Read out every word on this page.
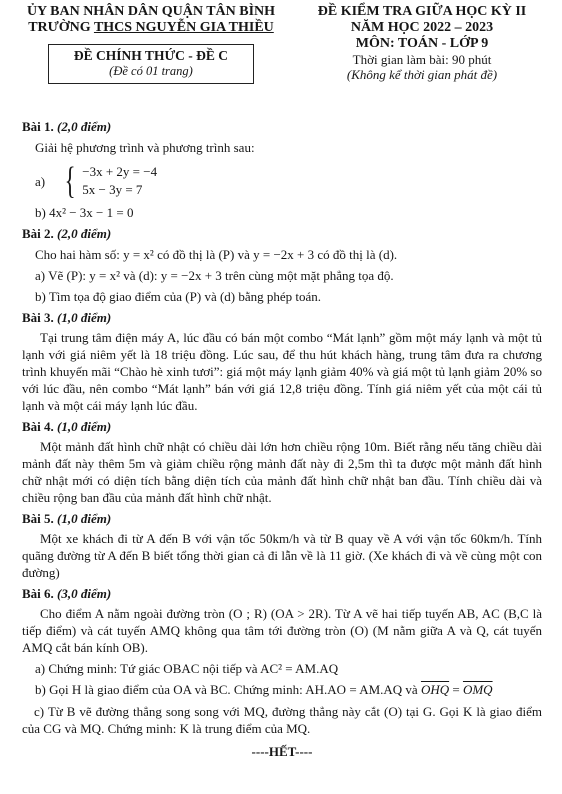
ỦY BAN NHÂN DÂN QUẬN TÂN BÌNH
TRƯỜNG THCS NGUYỄN GIA THIỀU
ĐỀ CHÍNH THỨC - ĐỀ C
(Đề có 01 trang)
ĐỀ KIỂM TRA GIỮA HỌC KỲ II
NĂM HỌC 2022 – 2023
MÔN: TOÁN - LỚP 9
Thời gian làm bài: 90 phút
(Không kể thời gian phát đề)
Bài 1. (2,0 điểm)
Giải hệ phương trình và phương trình sau:
a) { −3x + 2y = −4
5x − 3y = 7
b) 4x² − 3x − 1 = 0
Bài 2. (2,0 điểm)
Cho hai hàm số: y = x² có đồ thị là (P) và y = −2x + 3 có đồ thị là (d).
a) Vẽ (P): y = x² và (d): y = −2x + 3 trên cùng một mặt phẳng tọa độ.
b) Tìm tọa độ giao điểm của (P) và (d) bằng phép toán.
Bài 3. (1,0 điểm)
Tại trung tâm điện máy A, lúc đầu có bán một combo “Mát lạnh” gồm một máy lạnh và một tủ lạnh với giá niêm yết là 18 triệu đồng. Lúc sau, để thu hút khách hàng, trung tâm đưa ra chương trình khuyến mãi “Chào hè xinh tươi”: giá một máy lạnh giảm 40% và giá một tủ lạnh giảm 20% so với lúc đầu, nên combo “Mát lạnh” bán với giá 12,8 triệu đồng. Tính giá niêm yết của một cái tủ lạnh và một cái máy lạnh lúc đầu.
Bài 4. (1,0 điểm)
Một mảnh đất hình chữ nhật có chiều dài lớn hơn chiều rộng 10m. Biết rằng nếu tăng chiều dài mảnh đất này thêm 5m và giảm chiều rộng mảnh đất này đi 2,5m thì ta được một mảnh đất hình chữ nhật mới có diện tích bằng diện tích của mảnh đất hình chữ nhật ban đầu. Tính chiều dài và chiều rộng ban đầu của mảnh đất hình chữ nhật.
Bài 5. (1,0 điểm)
Một xe khách đi từ A đến B với vận tốc 50km/h và từ B quay về A với vận tốc 60km/h. Tính quãng đường từ A đến B biết tổng thời gian cả đi lẫn về là 11 giờ. (Xe khách đi và về cùng một con đường)
Bài 6. (3,0 điểm)
Cho điểm A nằm ngoài đường tròn (O ; R) (OA > 2R). Từ A vẽ hai tiếp tuyến AB, AC (B,C là tiếp điểm) và cát tuyến AMQ không qua tâm tới đường tròn (O) (M nằm giữa A và Q, cát tuyến AMQ cắt bán kính OB).
a) Chứng minh: Tứ giác OBAC nội tiếp và AC² = AM.AQ
b) Gọi H là giao điểm của OA và BC. Chứng minh: AH.AO = AM.AQ và $\overline{OHQ} = \overline{OMQ}$
c) Từ B vẽ đường thẳng song song với MQ, đường thẳng này cắt (O) tại G. Gọi K là giao điểm của CG và MQ. Chứng minh: K là trung điểm của MQ.
----HẾT----
